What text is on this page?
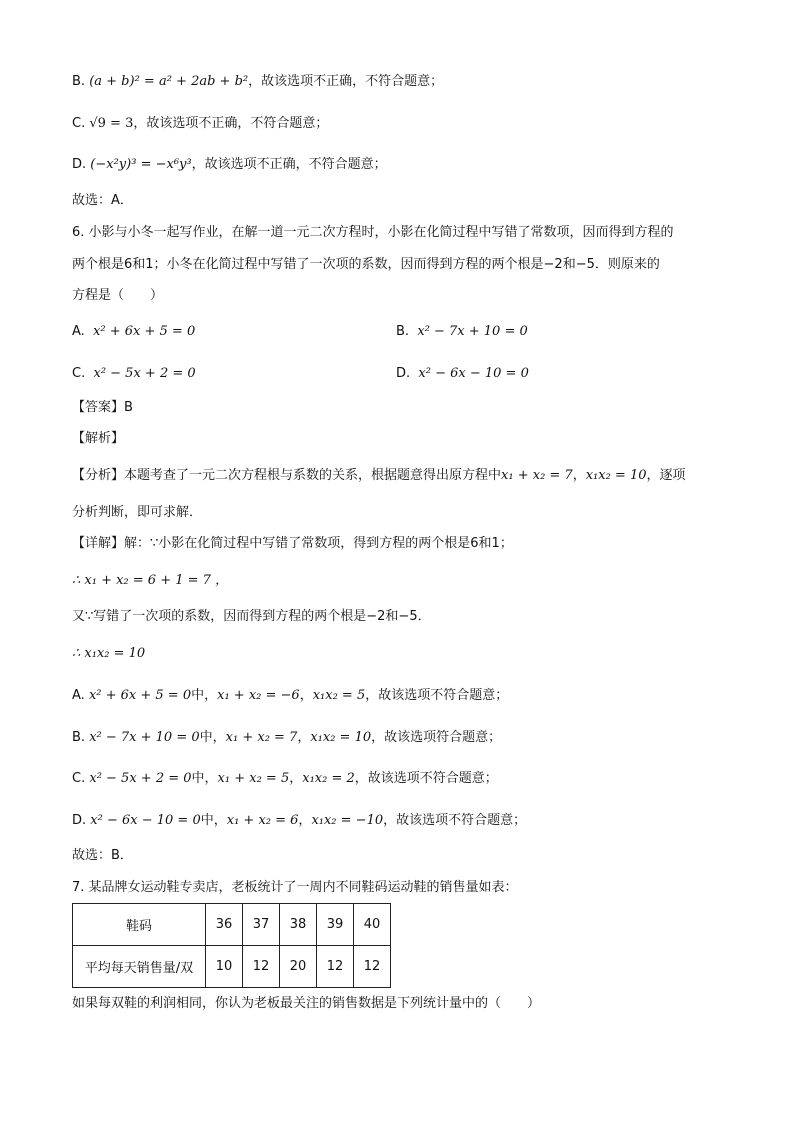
B. (a + b)² = a² + 2ab + b²，故该选项不正确，不符合题意；
C. √9 = 3，故该选项不正确，不符合题意；
D. (−x²y)³ = −x⁶y³，故该选项不正确，不符合题意；
故选：A．
6. 小影与小冬一起写作业，在解一道一元二次方程时，小影在化简过程中写错了常数项，因而得到方程的
两个根是6和1；小冬在化简过程中写错了一次项的系数，因而得到方程的两个根是−2和−5．则原来的
方程是（　　）
A. x² + 6x + 5 = 0	B. x² − 7x + 10 = 0
C. x² − 5x + 2 = 0	D. x² − 6x − 10 = 0
【答案】B
【解析】
【分析】本题考查了一元二次方程根与系数的关系，根据题意得出原方程中x₁ + x₂ = 7，x₁x₂ = 10，逐项
分析判断，即可求解．
【详解】解：∵小影在化简过程中写错了常数项，得到方程的两个根是6和1；
∴ x₁ + x₂ = 6 + 1 = 7 ，
又∵写错了一次项的系数，因而得到方程的两个根是−2和−5．
∴ x₁x₂ = 10
A. x² + 6x + 5 = 0中，x₁ + x₂ = −6，x₁x₂ = 5，故该选项不符合题意；
B. x² − 7x + 10 = 0中，x₁ + x₂ = 7，x₁x₂ = 10，故该选项符合题意；
C. x² − 5x + 2 = 0中，x₁ + x₂ = 5，x₁x₂ = 2，故该选项不符合题意；
D. x² − 6x − 10 = 0中，x₁ + x₂ = 6，x₁x₂ = −10，故该选项不符合题意；
故选：B．
7. 某品牌女运动鞋专卖店，老板统计了一周内不同鞋码运动鞋的销售量如表：
鞋码	36	37	38	39	40
平均每天销售量/双	10	12	20	12	12
如果每双鞋的利润相同，你认为老板最关注的销售数据是下列统计量中的（　　）
